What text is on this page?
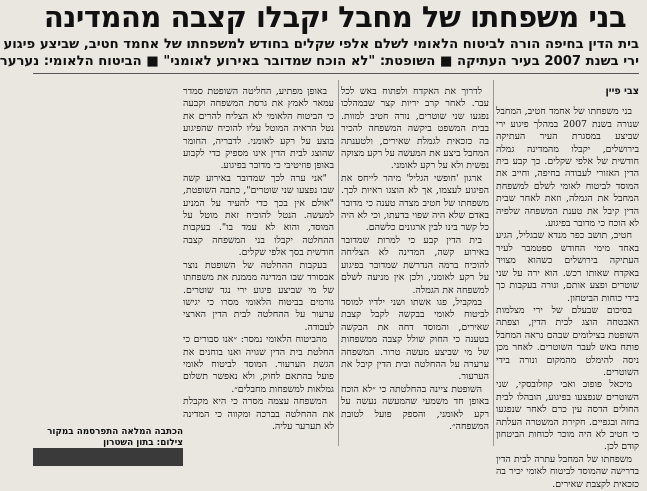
בני משפחתו של מחבל יקבלו קצבה מהמדינה
בית הדין בחיפה הורה לביטוח הלאומי לשלם אלפי שקלים בחודש למשפחתו של אחמד חטיב, שביצע פיגוע
ירי בשנת 2007 בעיר העתיקה ■ השופטת: "לא הוכח שמדובר באירוע לאומני" ■ הביטוח הלאומי: נערער
צבי פיין

בני משפחתו של אחמד חטיב, המחבל שנורה בשנת 2007 במהלך פיגוע ירי שביצע במסגרת העיר העתיקה בירושלים, יקבלו מהמדינה גמלה חודשית של אלפי שקלים. כך קבע בית הדין האזורי לעבודה בחיפה, וחייב את המוסד לביטוח לאומי לשלם למשפחת המחבל את הגמלה, וזאת לאחר שבית הדין קיבל את טענת המשפחה שלפיה לא הוכח כי מדובר בפיגוע.

חטיב, תושב כפר מנדא שבגליל, הגיע באחד מימי החודש ספטמבר לעיר העתיקה בירושלים כשהוא מצויד באקדח שאותו רכש. הוא ירה על שני שוטרים ופצע אותם, ונורה בעקבות כך בידי כוחות הביטחון.

בסיכום שבעלם של ירי מצלמות האבטחה הוצג לבית הדין, וצפתה השופטת בצילומים שבהם נראה המחבל פותח באש לעבר השוטרים. לאחר מכן ניסה להימלט מהמקום ונורה בידי השוטרים.

מיכאל פופוב ואבי קוזלובסקי, שני השוטרים שנפצעו בפיגוע, הובהלו לבית החולים הדסה עין כרם לאחר שנפגעו בחזה ובגפיים. חקירת המשטרה העלתה כי חטיב לא היה מוכר לכוחות הביטחון קודם לכן.

משפחתו של המחבל עתרה לבית הדין בדרישה שהמוסד לביטוח לאומי יכיר בה כזכאית לקצבת שאירים.

לדרוך את האקדח ולפתוח באש לכל עבר. לאחר קרב יריות קצר שבמהלכו נפגעו שני שוטרים, נורה חטיב למוות. בבית המשפט ביקשה המשפחה להכיר בה כזכאית לגמלת שאירים, ולטענתה המחבל ביצע את המעשה על רקע מצוקה נפשית ולא על רקע לאומני.

ארגון 'חופשי הגליל' מיהר לייחס את הפיגוע לעצמו, אך לא הוצגו ראיות לכך. משפחתו של חטיב מצדה טענה כי מדובר באדם שלא היה שפוי בדעתו, וכי לא היה כל קשר בינו לבין ארגונים כלשהם.

בית הדין קבע כי למרות שמדובר באירוע קשה, המדינה לא הצליחה להוכיח ברמה הנדרשת שמדובר בפיגוע על רקע לאומני, ולכן אין מניעה לשלם למשפחה את הגמלה.

במקביל, פגו אשתו ושני ילדיו למוסד לביטוח לאומי בבקשה לקבל קצבת שאירים, והמוסד דחה את הבקשה בטענה כי החוק שולל קצבה ממשפחות של מי שביצע מעשה טרור. המשפחה ערערה על ההחלטה ובית הדין קיבל את הערעור.

השופטת ציינה בהחלטתה כי ״לא הוכח באופן חד משמעי שהמעשה נעשה על רקע לאומני, והספק פועל לטובת המשפחה״.

באופן מפתיע, החליטה השופטת סמדר עמאר לאמץ את גרסת המשפחה וקבעה כי הביטוח הלאומי לא הצליח להרים את נטל הראיה המוטל עליו להוכיח שהפיגוע בוצע על רקע לאומני. לדבריה, החומר שהוצג לבית הדין אינו מספיק כדי לקבוע באופן פוזיטיבי כי מדובר בפיגוע.

"אני ערה לכך שמדובר באירוע קשה שבו נפצעו שני שוטרים", כתבה השופטת, "אולם אין בכך כדי להעיד על המניע למעשה. הנטל להוכיח זאת מוטל על המוסד, והוא לא עמד בו". בעקבות ההחלטה יקבלו בני המשפחה קצבה חודשית בסך אלפי שקלים.

בעקבות ההחלטה של השופטת נוצר אבסורד שבו המדינה מממנת את משפחתו של מי שביצע פיגוע ירי נגד שוטרים. גורמים בביטוח הלאומי מסרו כי יגישו ערעור על ההחלטה לבית הדין הארצי לעבודה.

מהביטוח הלאומי נמסר: ״אנו סבורים כי החלטת בית הדין שגויה ואנו בוחנים את הגשת הערעור. המוסד לביטוח לאומי פועל בהתאם לחוק, ולא נאפשר תשלום גמלאות למשפחות מחבלים״.

המשפחה עצמה מסרה כי היא מקבלת את ההחלטה בברכה ומקווה כי המדינה לא תערער עליה.

הכתבה המלאה התפרסמה במקור
צילום: בתון השטרון
